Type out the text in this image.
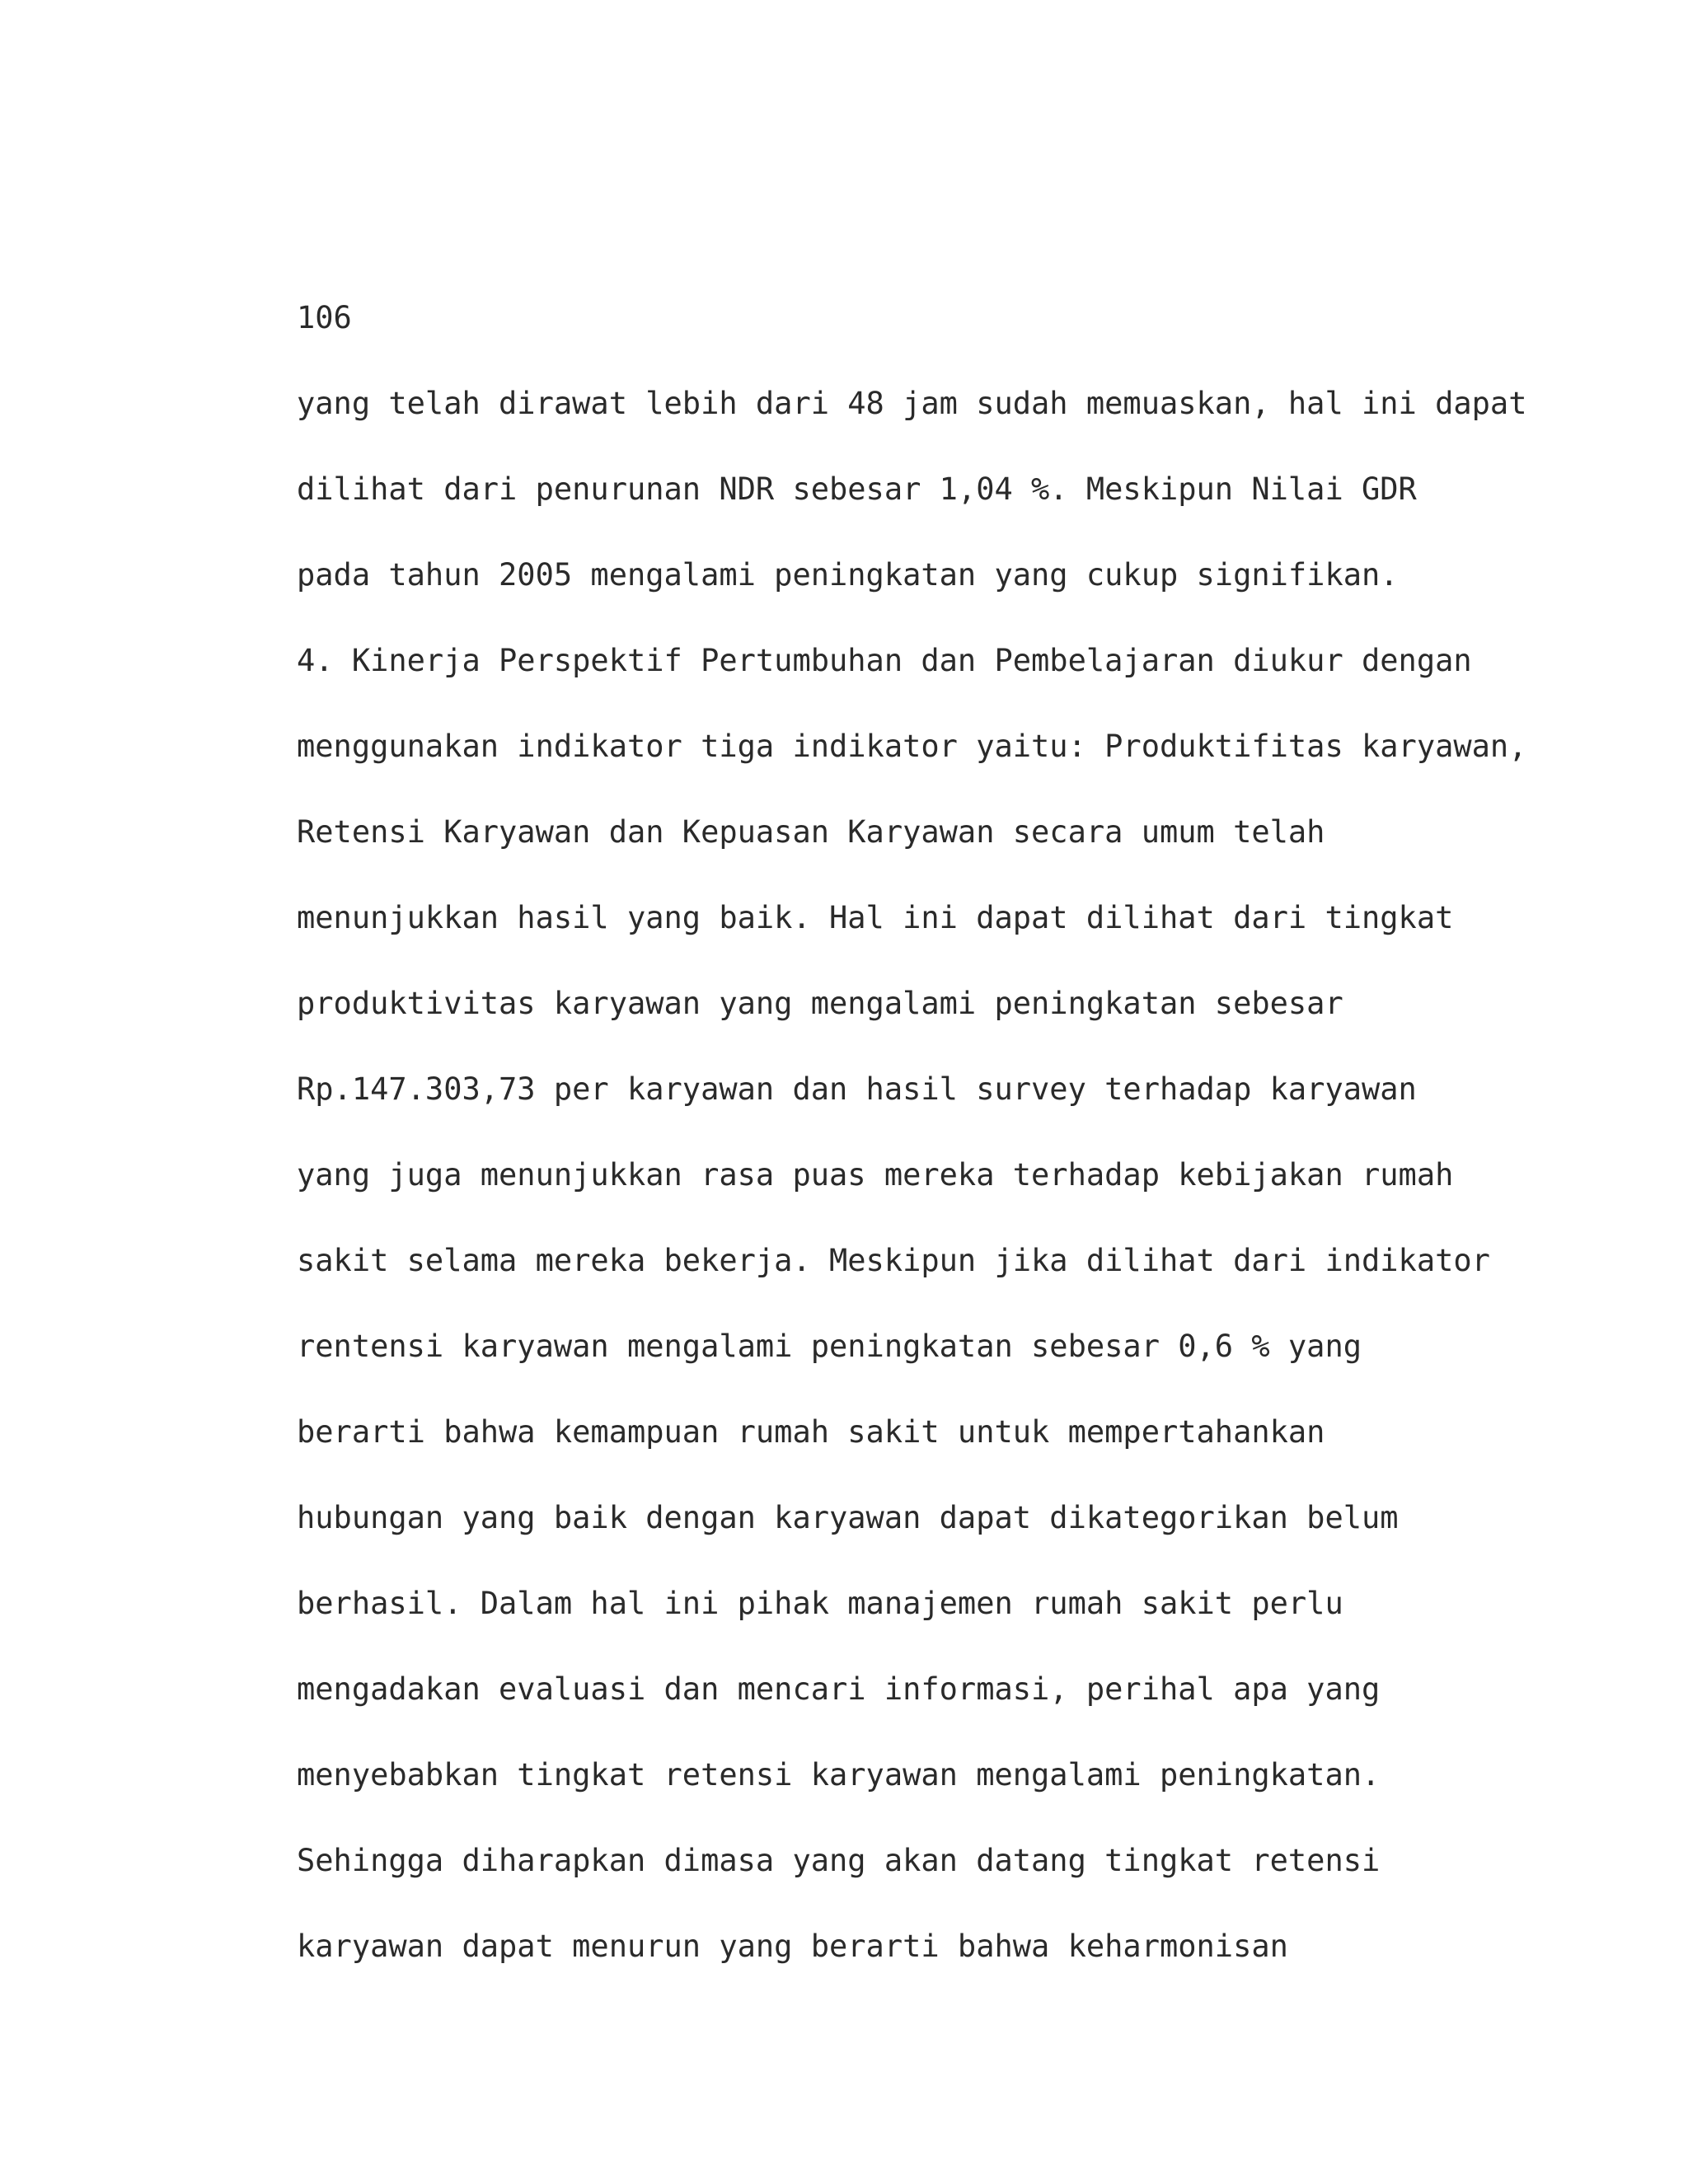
106
yang telah dirawat lebih dari 48 jam sudah memuaskan, hal ini dapat
dilihat dari penurunan NDR sebesar 1,04 %. Meskipun Nilai GDR
pada tahun 2005 mengalami peningkatan yang cukup signifikan.
4. Kinerja Perspektif Pertumbuhan dan Pembelajaran diukur dengan
menggunakan indikator tiga indikator yaitu: Produktifitas karyawan,
Retensi Karyawan dan Kepuasan Karyawan secara umum telah
menunjukkan hasil yang baik. Hal ini dapat dilihat dari tingkat
produktivitas karyawan yang mengalami peningkatan sebesar
Rp.147.303,73 per karyawan dan hasil survey terhadap karyawan
yang juga menunjukkan rasa puas mereka terhadap kebijakan rumah
sakit selama mereka bekerja. Meskipun jika dilihat dari indikator
rentensi karyawan mengalami peningkatan sebesar 0,6 % yang
berarti bahwa kemampuan rumah sakit untuk mempertahankan
hubungan yang baik dengan karyawan dapat dikategorikan belum
berhasil. Dalam hal ini pihak manajemen rumah sakit perlu
mengadakan evaluasi dan mencari informasi, perihal apa yang
menyebabkan tingkat retensi karyawan mengalami peningkatan.
Sehingga diharapkan dimasa yang akan datang tingkat retensi
karyawan dapat menurun yang berarti bahwa keharmonisan
